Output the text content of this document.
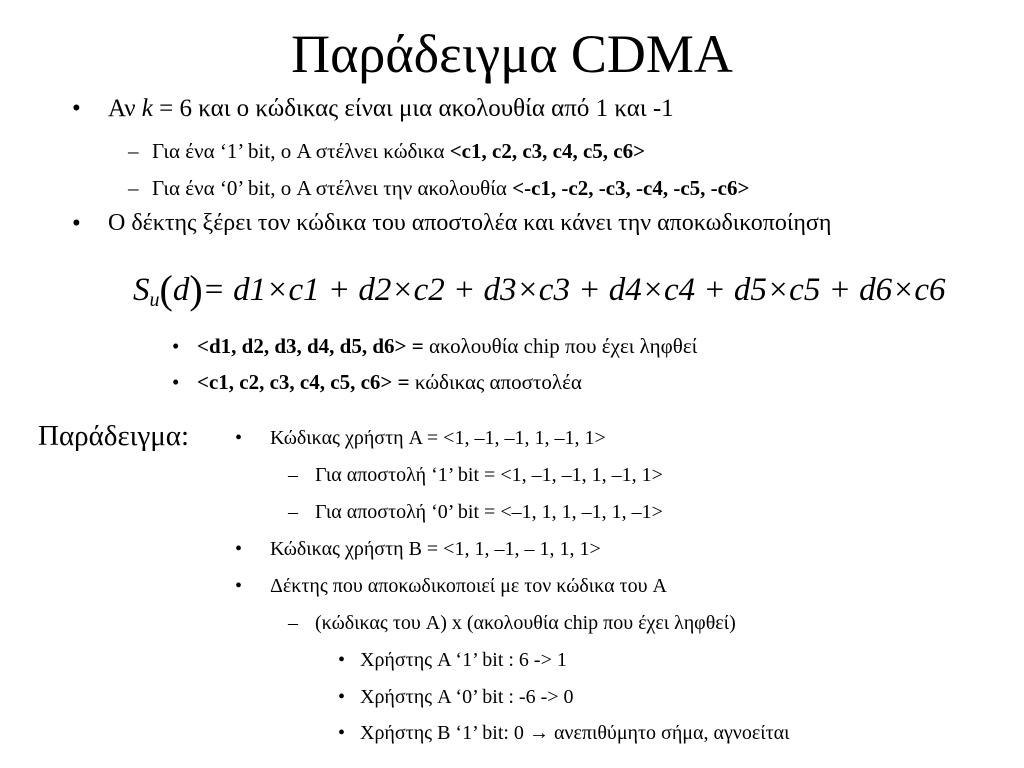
Παράδειγμα CDMA
• Αν k = 6 και ο κώδικας είναι μια ακολουθία από 1 και -1
– Για ένα ‘1’ bit, ο A στέλνει κώδικα <c1, c2, c3, c4, c5, c6>
– Για ένα ‘0’ bit, ο A στέλνει την ακολουθία <-c1, -c2, -c3, -c4, -c5, -c6>
• Ο δέκτης ξέρει τον κώδικα του αποστολέα και κάνει την αποκωδικοποίηση
$S_u(d)= d1\times c1 + d2\times c2 + d3\times c3 + d4\times c4 + d5\times c5 + d6\times c6$
• <d1, d2, d3, d4, d5, d6> = ακολουθία chip που έχει ληφθεί
• <c1, c2, c3, c4, c5, c6> = κώδικας αποστολέα
Παράδειγμα: • Κώδικας χρήστη A = <1, –1, –1, 1, –1, 1>
– Για αποστολή ‘1’ bit = <1, –1, –1, 1, –1, 1>
– Για αποστολή ‘0’ bit = <–1, 1, 1, –1, 1, –1>
• Κώδικας χρήστη B = <1, 1, –1, – 1, 1, 1>
• Δέκτης που αποκωδικοποιεί με τον κώδικα του A
– (κώδικας του A) x (ακολουθία chip που έχει ληφθεί)
• Χρήστης A ‘1’ bit : 6 -> 1
• Χρήστης A ‘0’ bit : -6 -> 0
• Χρήστης B ‘1’ bit: 0 → ανεπιθύμητο σήμα, αγνοείται
